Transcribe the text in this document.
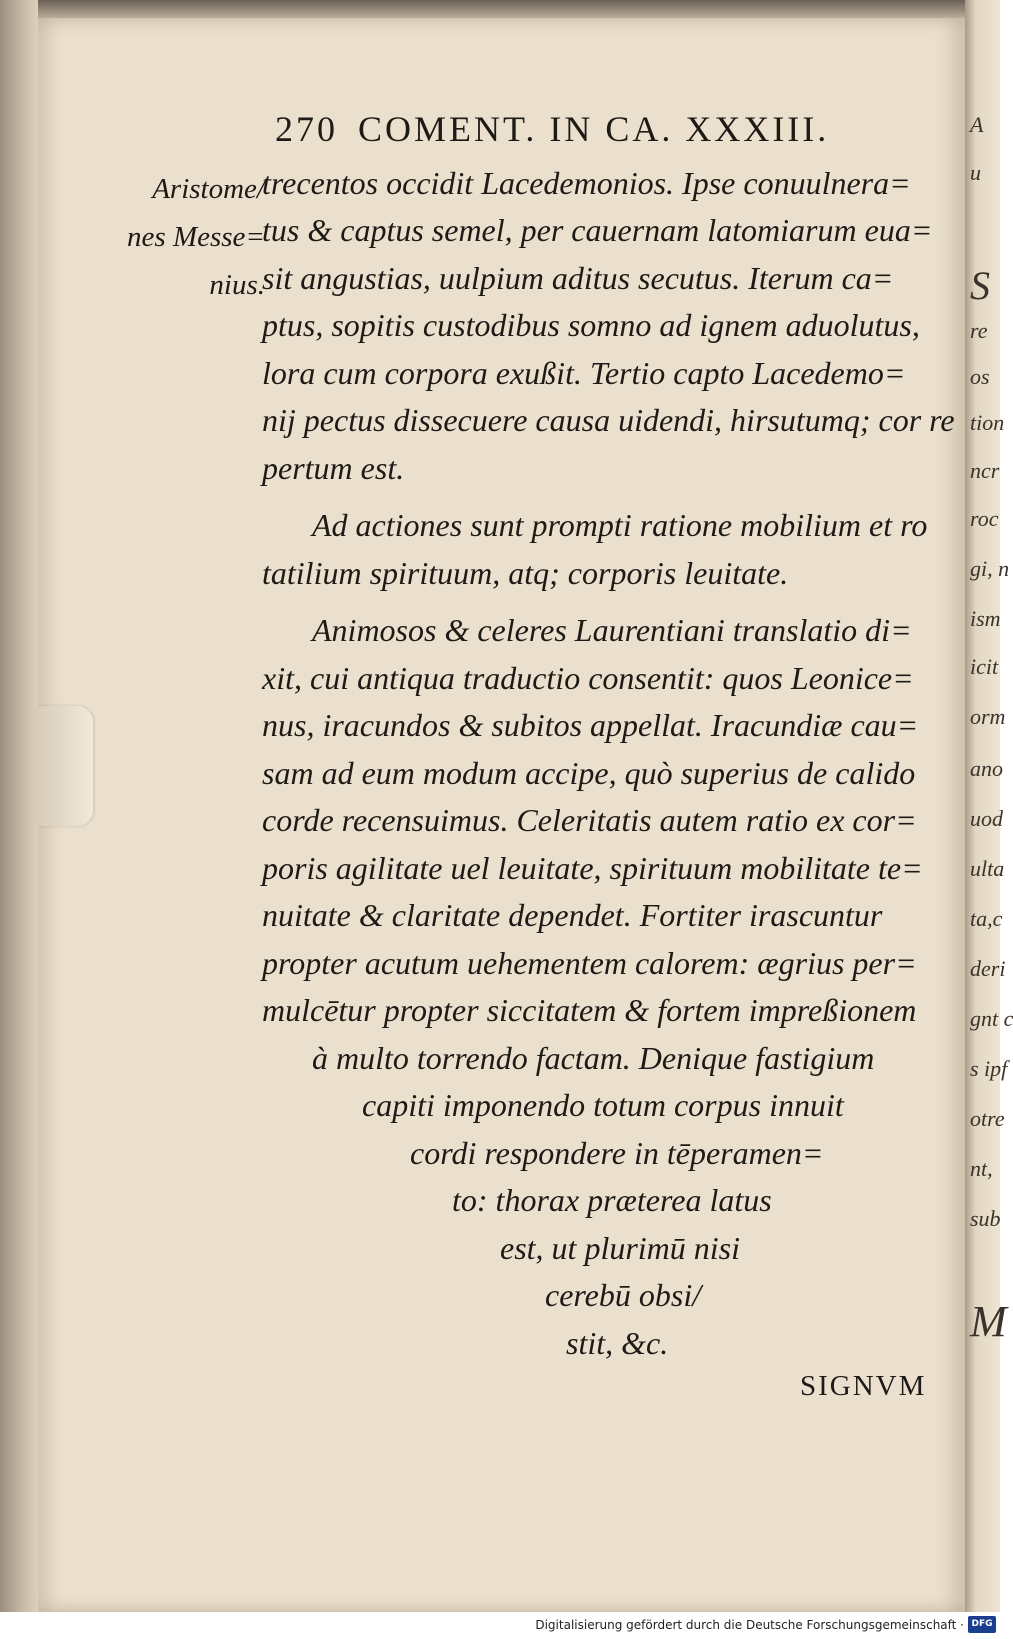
270 COMENT. IN CA. XXXIII.
Aristome/
nes Messe=
nius.
trecentos occidit Lacedemonios. Ipse conuulnera=
tus & captus semel, per cauernam latomiarum eua=
sit angustias, uulpium aditus secutus. Iterum ca=
ptus, sopitis custodibus somno ad ignem aduolutus,
lora cum corpora exußit. Tertio capto Lacedemo=
nij pectus dissecuere causa uidendi, hirsutumq; cor re
pertum est.
Ad actiones sunt prompti ratione mobilium et ro
tatilium spirituum, atq; corporis leuitate.
Animosos & celeres Laurentiani translatio di=
xit, cui antiqua traductio consentit: quos Leonice=
nus, iracundos & subitos appellat. Iracundiæ cau=
sam ad eum modum accipe, quò superius de calido
corde recensuimus. Celeritatis autem ratio ex cor=
poris agilitate uel leuitate, spirituum mobilitate te=
nuitate & claritate dependet. Fortiter irascuntur
propter acutum uehementem calorem: ægrius per=
mulcētur propter siccitatem & fortem impreßionem
à multo torrendo factam. Denique fastigium
capiti imponendo totum corpus innuit
cordi respondere in tēperamen=
to: thorax præterea latus
est, ut plurimū nisi
cerebū obsi/
stit, &c.
SIGNVM
A
u
S
re
os
tion
ncr
roc
gi, n
ism
icit
orm
ano
uod
ulta
ta,c
deri
gnt c
s ipf
otre
nt,
sub
M
Digitalisierung gefördert durch die Deutsche Forschungsgemeinschaft · DFG
